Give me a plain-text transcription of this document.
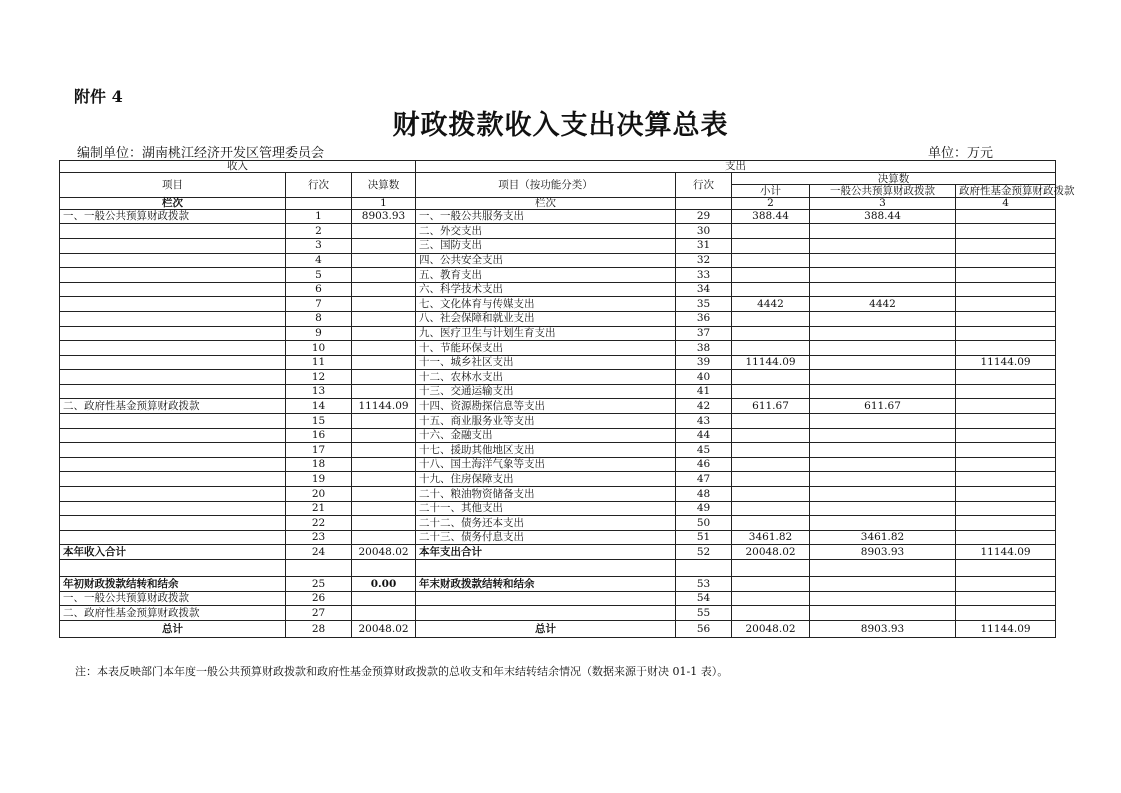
附件 4
财政拨款收入支出决算总表
编制单位：湖南桃江经济开发区管理委员会	单位：万元
收入			支出				
项目	行次	决算数	项目（按功能分类）	行次	决算数		
					小计	一般公共预算财政拨款	政府性基金预算财政拨款
栏次		1	栏次		2	3	4
一、一般公共预算财政拨款	1	8903.93	一、一般公共服务支出	29	388.44	388.44	
	2		二、外交支出	30			
	3		三、国防支出	31			
	4		四、公共安全支出	32			
	5		五、教育支出	33			
	6		六、科学技术支出	34			
	7		七、文化体育与传媒支出	35	4442	4442	
	8		八、社会保障和就业支出	36			
	9		九、医疗卫生与计划生育支出	37			
	10		十、节能环保支出	38			
	11		十一、城乡社区支出	39	11144.09		11144.09
	12		十二、农林水支出	40			
	13		十三、交通运输支出	41			
二、政府性基金预算财政拨款	14	11144.09	十四、资源勘探信息等支出	42	611.67	611.67	
	15		十五、商业服务业等支出	43			
	16		十六、金融支出	44			
	17		十七、援助其他地区支出	45			
	18		十八、国土海洋气象等支出	46			
	19		十九、住房保障支出	47			
	20		二十、粮油物资储备支出	48			
	21		二十一、其他支出	49			
	22		二十二、债务还本支出	50			
	23		二十三、债务付息支出	51	3461.82	3461.82	
本年收入合计	24	20048.02	本年支出合计	52	20048.02	8903.93	11144.09

年初财政拨款结转和结余	25	0.00	年末财政拨款结转和结余	53			
一、一般公共预算财政拨款	26			54			
二、政府性基金预算财政拨款	27			55			
总计	28	20048.02	总计	56	20048.02	8903.93	11144.09
注：本表反映部门本年度一般公共预算财政拨款和政府性基金预算财政拨款的总收支和年末结转结余情况（数据来源于财决 01-1 表）。
